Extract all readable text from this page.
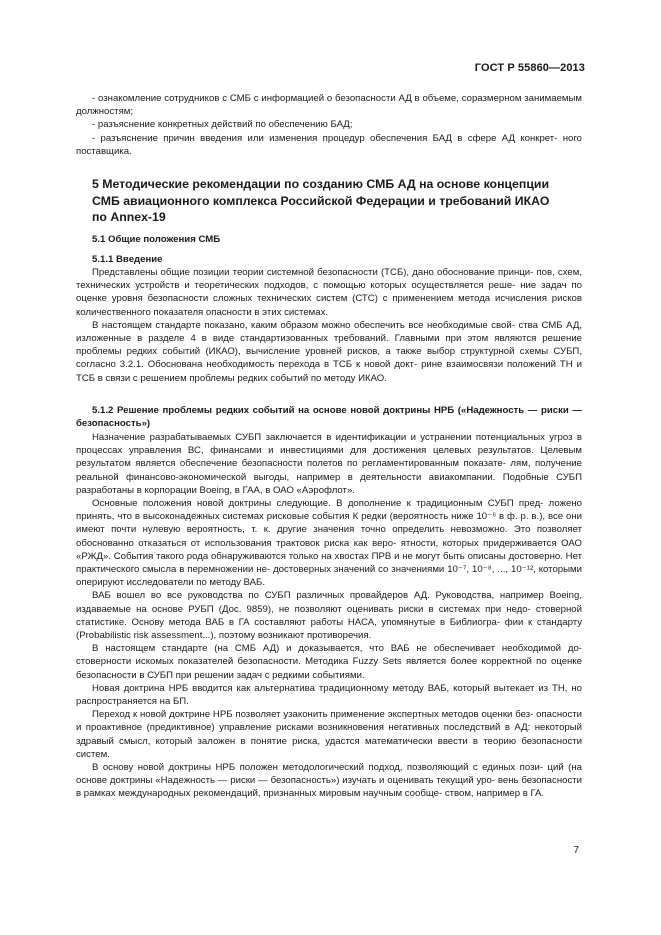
ГОСТ Р 55860—2013

- ознакомление сотрудников с СМБ с информацией о безопасности АД в объеме, соразмерном занимаемым должностям;

- разъяснение конкретных действий по обеспечению БАД;

- разъяснение причин введения или изменения процедур обеспечения БАД в сфере АД конкрет- ного поставщика.

5 Методические рекомендации по созданию СМБ АД на основе концепции СМБ авиационного комплекса Российской Федерации и требований ИКАО по Annex-19
5.1 Общие положения СМБ
5.1.1 Введение

Представлены общие позиции теории системной безопасности (ТСБ), дано обоснование принци- пов, схем, технических устройств и теоретических подходов, с помощью которых осуществляется реше- ние задач по оценке уровня безопасности сложных технических систем (СТС) с применением метода исчисления рисков количественного показателя опасности в этих системах.

В настоящем стандарте показано, каким образом можно обеспечить все необходимые свой- ства СМБ АД, изложенные в разделе 4 в виде стандартизованных требований. Главными при этом являются решение проблемы редких событий (ИКАО), вычисление уровней рисков, а также выбор структурной схемы СУБП, согласно 3.2.1. Обоснована необходимость перехода в ТСБ к новой докт- рине взаимосвязи положений ТН и ТСБ в связи с решением проблемы редких событий по методу ИКАО.

5.1.2 Решение проблемы редких событий на основе новой доктрины НРБ («Надежность — риски — безопасность»)

Назначение разрабатываемых СУБП заключается в идентификации и устранении потенциальных угроз в процессах управления ВС, финансами и инвестициями для достижения целевых результатов. Целевым результатом является обеспечение безопасности полетов по регламентированным показате- лям, получение реальной финансово-экономической выгоды, например в деятельности авиакомпании. Подобные СУБП разработаны в корпорации Boeing, в ГАА, в ОАО «Аэрофлот».

Основные положения новой доктрины следующие. В дополнение к традиционным СУБП пред- ложено принять, что в высоконадежных системах рисковые события К редки (вероятность ниже 10⁻⁶ в ф. р. в.), все они имеют почти нулевую вероятность, т. к. другие значения точно определить невозможно. Это позволяет обоснованно отказаться от использования трактовок риска как веро- ятности, которых придерживается ОАО «РЖД». События такого рода обнаруживаются только на хвостах ПРВ и не могут быть описаны достоверно. Нет практического смысла в перемножении не- достоверных значений со значениями 10⁻⁷, 10⁻⁸, ..., 10⁻¹², которыми оперируют исследователи по методу ВАБ.

ВАБ вошел во все руководства по СУБП различных провайдеров АД. Руководства, например Boeing, издаваемые на основе РУБП (Дос. 9859), не позволяют оценивать риски в системах при недо- стоверной статистике. Основу метода ВАБ в ГА составляют работы НАСА, упомянутые в Библиогра- фии к стандарту (Probabilistic risk assessment...), поэтому возникают противоречия.

В настоящем стандарте (на СМБ АД) и доказывается, что ВАБ не обеспечивает необходимой до- стоверности искомых показателей безопасности. Методика Fuzzy Sets является более корректной по оценке безопасности в СУБП при решении задач с редкими событиями.

Новая доктрина НРБ вводится как альтернатива традиционному методу ВАБ, который вытекает из ТН, но распространяется на БП.

Переход к новой доктрине НРБ позволяет узаконить применение экспертных методов оценки без- опасности и проактивное (предиктивное) управление рисками возникновения негативных последствий в АД: некоторый здравый смысл, который заложен в понятие риска, удастся математически ввести в теорию безопасности систем.

В основу новой доктрины НРБ положен методологический подход, позволяющий с единых пози- ций (на основе доктрины «Надежность — риски — безопасность») изучать и оценивать текущий уро- вень безопасности в рамках международных рекомендаций, признанных мировым научным сообще- ством, например в ГА.

7
